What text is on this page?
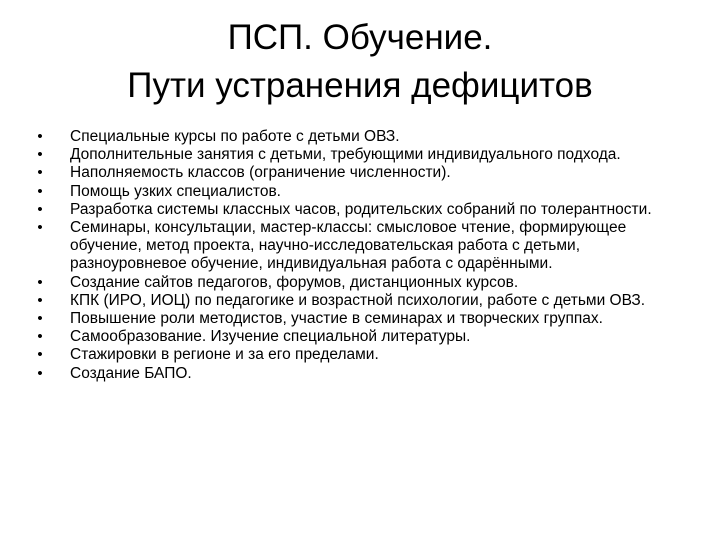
ПСП. Обучение.
Пути устранения дефицитов
• Специальные курсы по работе с детьми ОВЗ.
• Дополнительные занятия с детьми, требующими индивидуального подхода.
• Наполняемость классов (ограничение численности).
• Помощь узких специалистов.
• Разработка системы классных часов, родительских собраний по толерантности.
• Семинары, консультации, мастер-классы: смысловое чтение, формирующее обучение, метод проекта, научно-исследовательская работа с детьми, разноуровневое обучение, индивидуальная работа с одарёнными.
• Создание сайтов педагогов, форумов, дистанционных курсов.
• КПК (ИРО, ИОЦ) по педагогике и возрастной психологии, работе с детьми ОВЗ.
• Повышение роли методистов, участие в семинарах и творческих группах.
• Самообразование. Изучение специальной литературы.
• Стажировки в регионе и за его пределами.
• Создание БАПО.
